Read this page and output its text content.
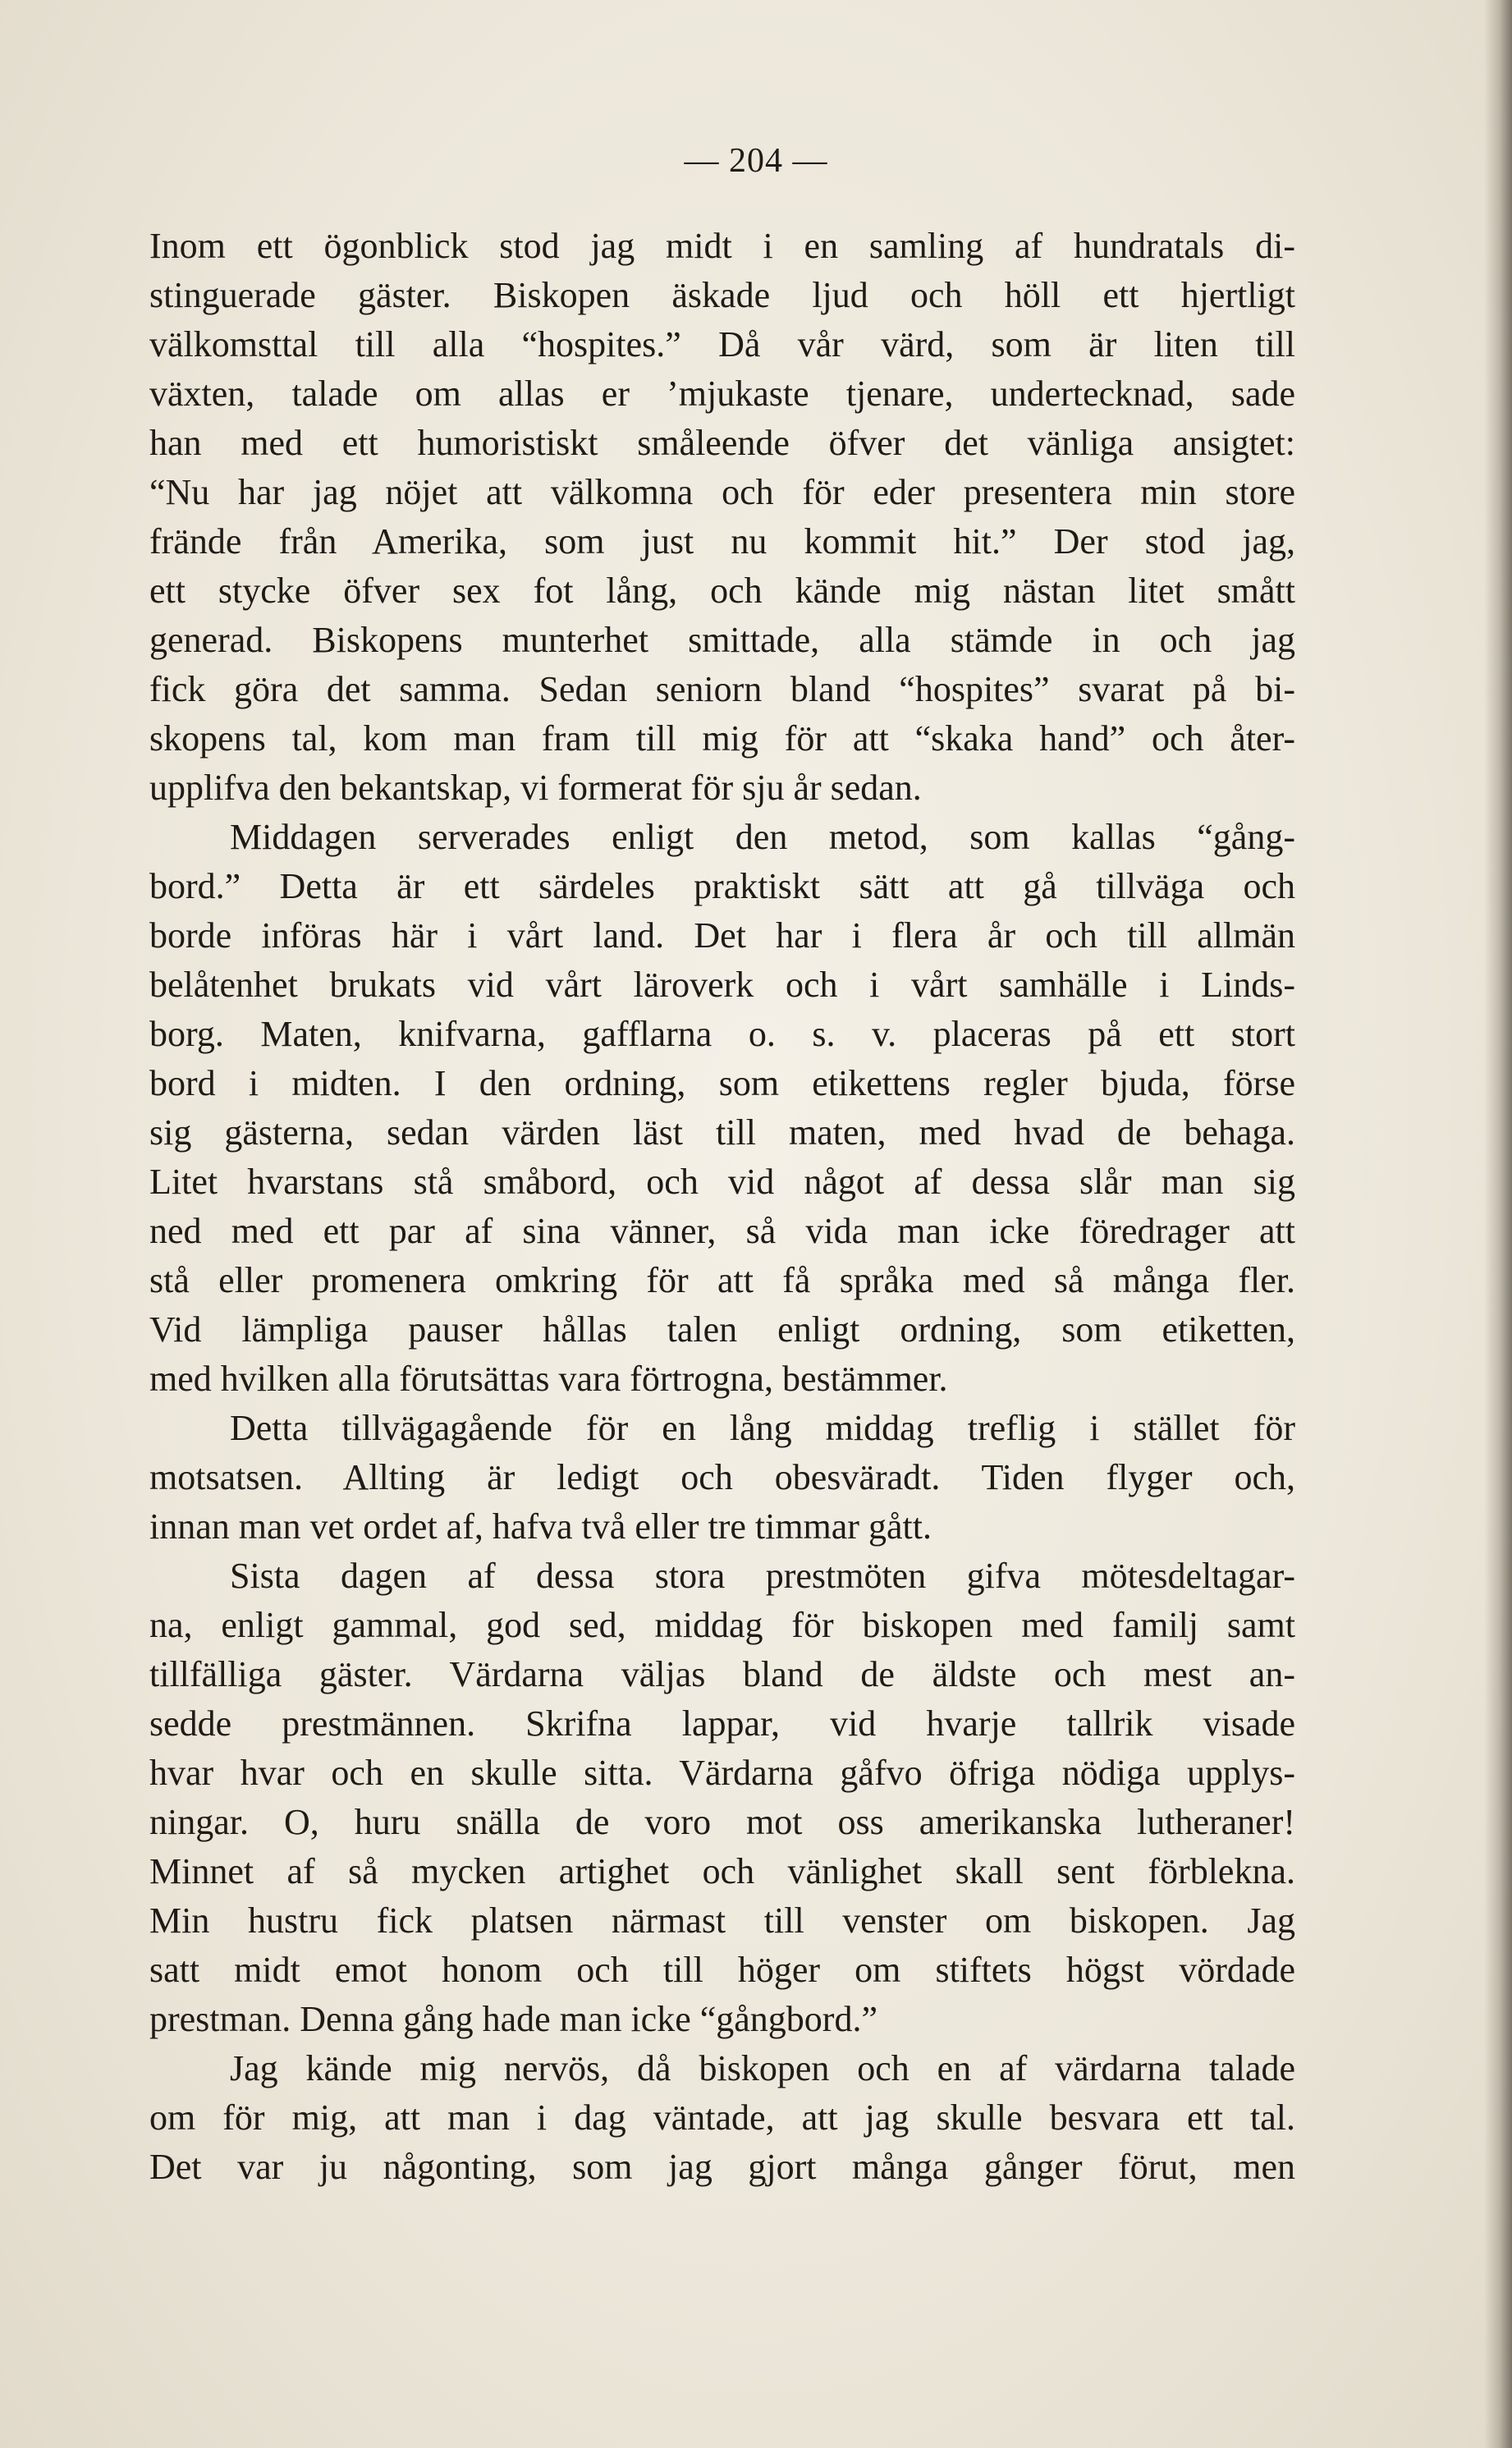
— 204 —
Inom ett ögonblick stod jag midt i en samling af hundratals di-
stinguerade gäster. Biskopen äskade ljud och höll ett hjertligt
välkomsttal till alla “hospites.” Då vår värd, som är liten till
växten, talade om allas er ’mjukaste tjenare, undertecknad, sade
han med ett humoristiskt småleende öfver det vänliga ansigtet:
“Nu har jag nöjet att välkomna och för eder presentera min store
frände från Amerika, som just nu kommit hit.” Der stod jag,
ett stycke öfver sex fot lång, och kände mig nästan litet smått
generad. Biskopens munterhet smittade, alla stämde in och jag
fick göra det samma. Sedan seniorn bland “hospites” svarat på bi-
skopens tal, kom man fram till mig för att “skaka hand” och åter-
upplifva den bekantskap, vi formerat för sju år sedan.
Middagen serverades enligt den metod, som kallas “gång-
bord.” Detta är ett särdeles praktiskt sätt att gå tillväga och
borde införas här i vårt land. Det har i flera år och till allmän
belåtenhet brukats vid vårt läroverk och i vårt samhälle i Linds-
borg. Maten, knifvarna, gafflarna o. s. v. placeras på ett stort
bord i midten. I den ordning, som etikettens regler bjuda, förse
sig gästerna, sedan värden läst till maten, med hvad de behaga.
Litet hvarstans stå småbord, och vid något af dessa slår man sig
ned med ett par af sina vänner, så vida man icke föredrager att
stå eller promenera omkring för att få språka med så många fler.
Vid lämpliga pauser hållas talen enligt ordning, som etiketten,
med hvilken alla förutsättas vara förtrogna, bestämmer.
Detta tillvägagående för en lång middag treflig i stället för
motsatsen. Allting är ledigt och obesväradt. Tiden flyger och,
innan man vet ordet af, hafva två eller tre timmar gått.
Sista dagen af dessa stora prestmöten gifva mötesdeltagar-
na, enligt gammal, god sed, middag för biskopen med familj samt
tillfälliga gäster. Värdarna väljas bland de äldste och mest an-
sedde prestmännen. Skrifna lappar, vid hvarje tallrik visade
hvar hvar och en skulle sitta. Värdarna gåfvo öfriga nödiga upplys-
ningar. O, huru snälla de voro mot oss amerikanska lutheraner!
Minnet af så mycken artighet och vänlighet skall sent förblekna.
Min hustru fick platsen närmast till venster om biskopen. Jag
satt midt emot honom och till höger om stiftets högst vördade
prestman. Denna gång hade man icke “gångbord.”
Jag kände mig nervös, då biskopen och en af värdarna talade
om för mig, att man i dag väntade, att jag skulle besvara ett tal.
Det var ju någonting, som jag gjort många gånger förut, men
